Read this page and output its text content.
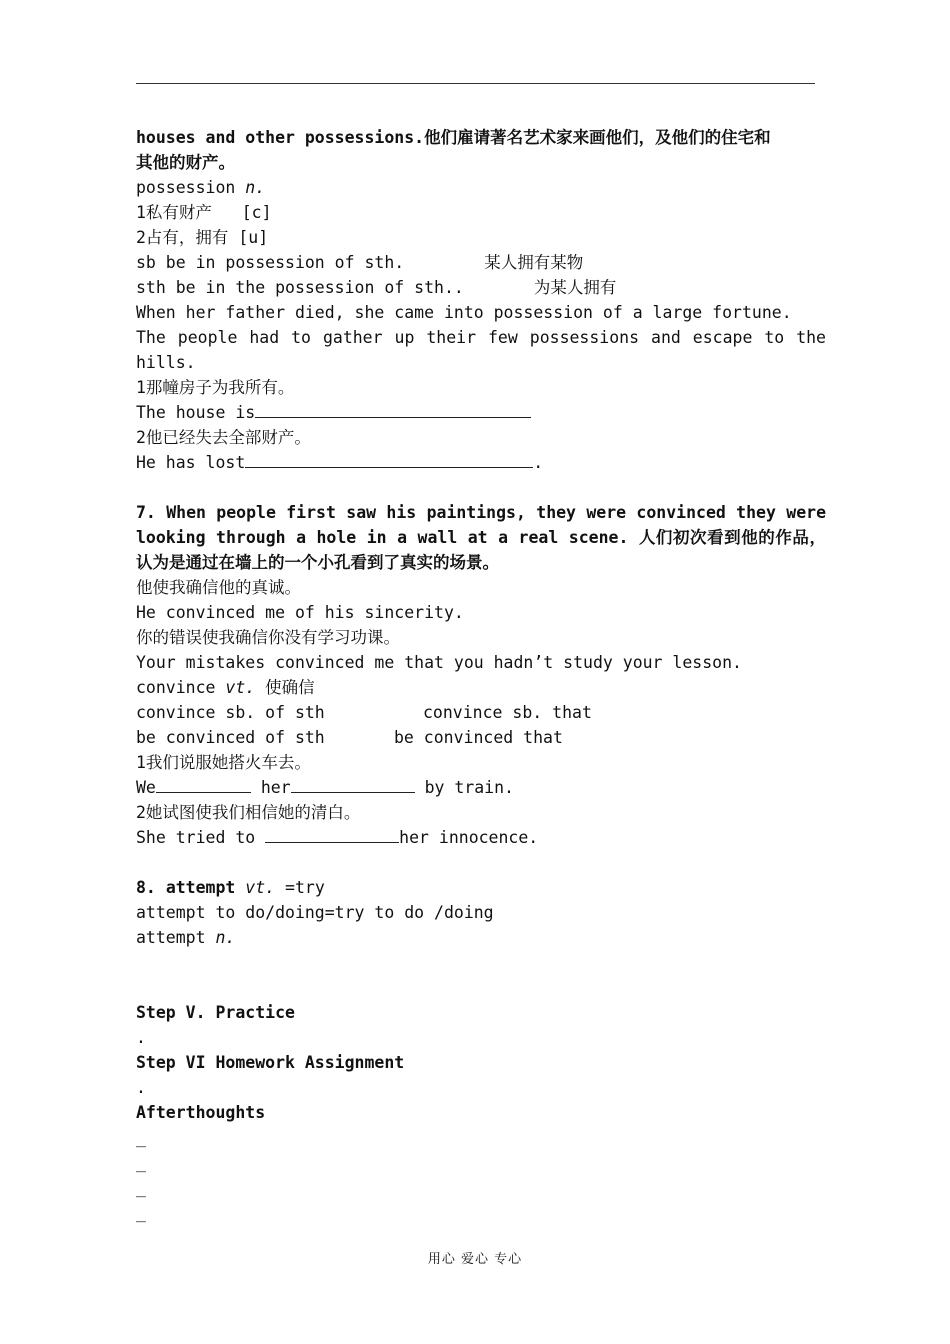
houses and other possessions.他们雇请著名艺术家来画他们，及他们的住宅和
其他的财产。
possession n.
1私有财产   [c]
2占有，拥有 [u]
sb be in possession of sth.	某人拥有某物
sth be in the possession of sth..	为某人拥有
When her father died, she came into possession of a large fortune.
The people had to gather up their few possessions and escape to the hills.
1那幢房子为我所有。
The house is
2他已经失去全部财产。
He has lost	.
7. When people first saw his paintings, they were convinced they were looking through a hole in a wall at a real scene. 人们初次看到他的作品，认为是通过在墙上的一个小孔看到了真实的场景。
他使我确信他的真诚。
He convinced me of his sincerity.
你的错误使我确信你没有学习功课。
Your mistakes convinced me that you hadn’t study your lesson.
convince vt. 使确信
convince sb. of sth	convince sb. that
be convinced of sth	be convinced that
1我们说服她搭火车去。
We	her	by train.
2她试图使我们相信她的清白。
She tried to	her innocence.
8. attempt vt. =try
attempt to do/doing=try to do /doing
attempt n.
Step V. Practice
.
Step VI Homework Assignment
.
Afterthoughts
_
_
_
_
用心 爱心 专心
